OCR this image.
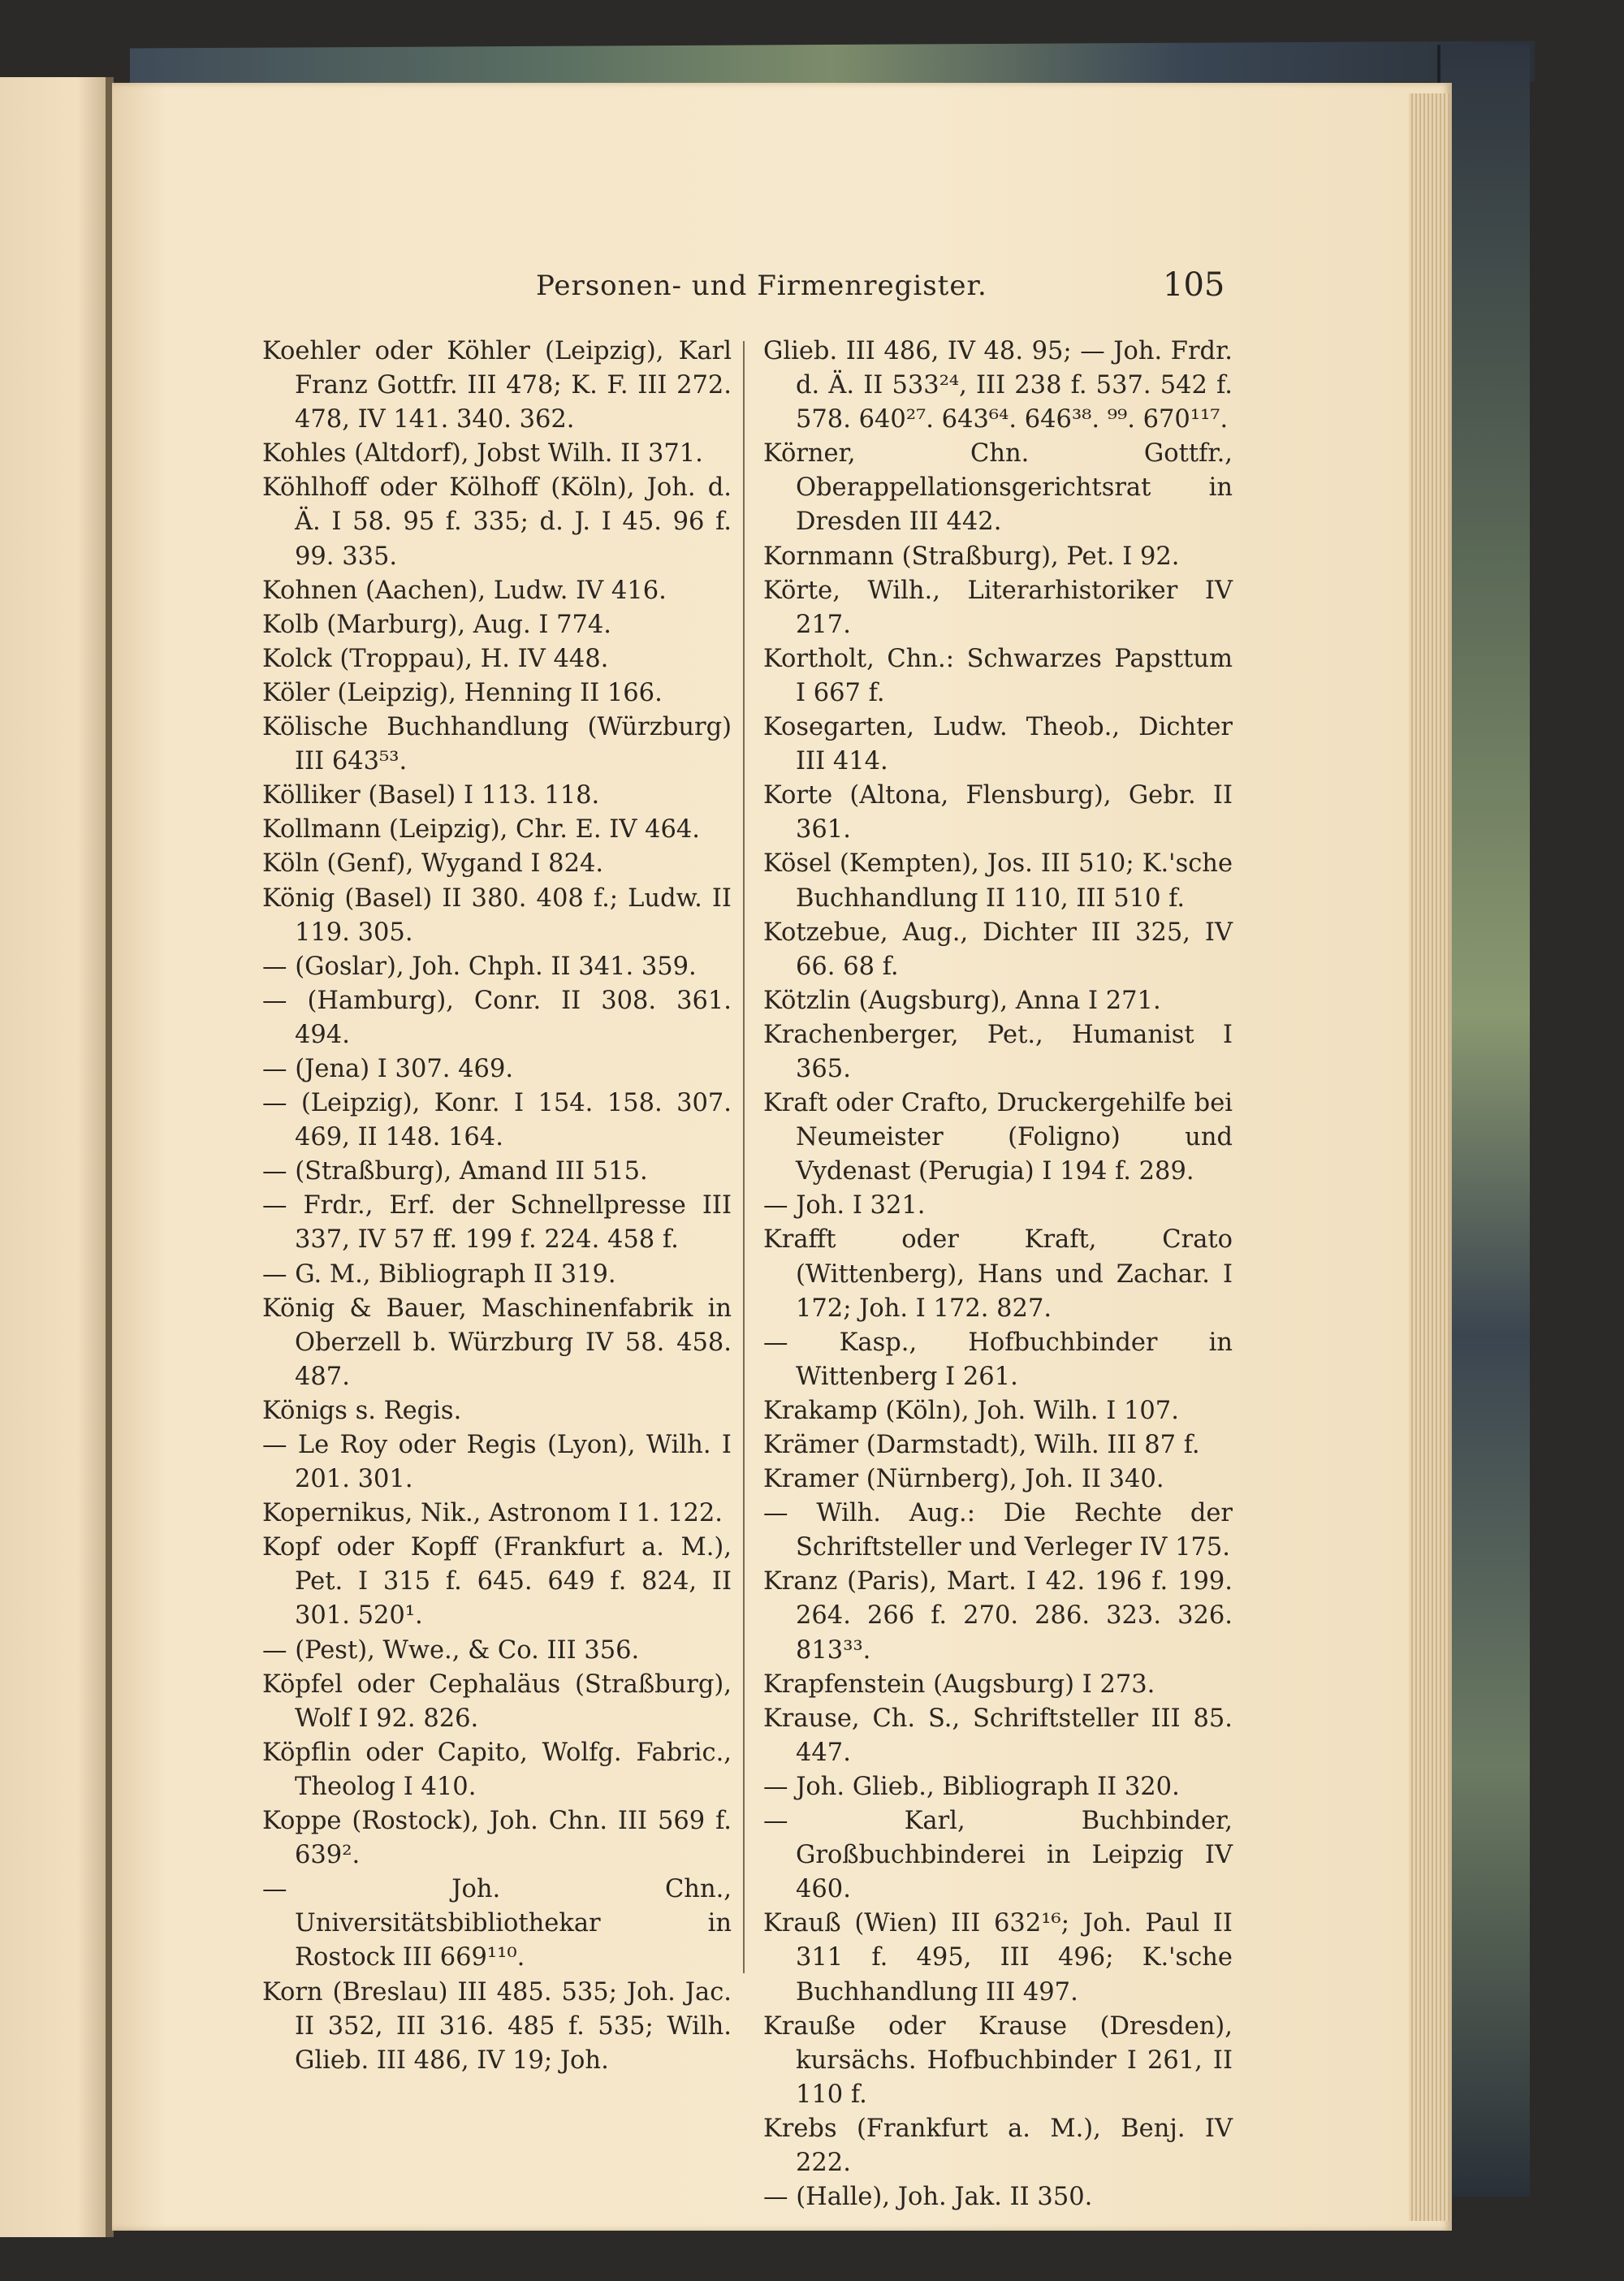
Personen- und Firmenregister.	105

Koehler oder Köhler (Leipzig), Karl Franz Gottfr. III 478; K. F. III 272. 478, IV 141. 340. 362.

Kohles (Altdorf), Jobst Wilh. II 371.

Köhlhoff oder Kölhoff (Köln), Joh. d. Ä. I 58. 95 f. 335; d. J. I 45. 96 f. 99. 335.

Kohnen (Aachen), Ludw. IV 416.

Kolb (Marburg), Aug. I 774.

Kolck (Troppau), H. IV 448.

Köler (Leipzig), Henning II 166.

Kölische Buchhandlung (Würzburg) III 643⁵³.

Kölliker (Basel) I 113. 118.

Kollmann (Leipzig), Chr. E. IV 464.

Köln (Genf), Wygand I 824.

König (Basel) II 380. 408 f.; Ludw. II 119. 305.

— (Goslar), Joh. Chph. II 341. 359.

— (Hamburg), Conr. II 308. 361. 494.

— (Jena) I 307. 469.

— (Leipzig), Konr. I 154. 158. 307. 469, II 148. 164.

— (Straßburg), Amand III 515.

— Frdr., Erf. der Schnellpresse III 337, IV 57 ff. 199 f. 224. 458 f.

— G. M., Bibliograph II 319.

König & Bauer, Maschinenfabrik in Oberzell b. Würzburg IV 58. 458. 487.

Königs s. Regis.

— Le Roy oder Regis (Lyon), Wilh. I 201. 301.

Kopernikus, Nik., Astronom I 1. 122.

Kopf oder Kopff (Frankfurt a. M.), Pet. I 315 f. 645. 649 f. 824, II 301. 520¹.

— (Pest), Wwe., & Co. III 356.

Köpfel oder Cephaläus (Straßburg), Wolf I 92. 826.

Köpflin oder Capito, Wolfg. Fabric., Theolog I 410.

Koppe (Rostock), Joh. Chn. III 569 f. 639².

— Joh. Chn., Universitätsbibliothekar in Rostock III 669¹¹⁰.

Korn (Breslau) III 485. 535; Joh. Jac. II 352, III 316. 485 f. 535; Wilh. Glieb. III 486, IV 19; Joh.

Glieb. III 486, IV 48. 95; — Joh. Frdr. d. Ä. II 533²⁴, III 238 f. 537. 542 f. 578. 640²⁷. 643⁶⁴. 646³⁸. ⁹⁹. 670¹¹⁷.

Körner, Chn. Gottfr., Oberappellationsgerichtsrat in Dresden III 442.

Kornmann (Straßburg), Pet. I 92.

Körte, Wilh., Literarhistoriker IV 217.

Kortholt, Chn.: Schwarzes Papsttum I 667 f.

Kosegarten, Ludw. Theob., Dichter III 414.

Korte (Altona, Flensburg), Gebr. II 361.

Kösel (Kempten), Jos. III 510; K.'sche Buchhandlung II 110, III 510 f.

Kotzebue, Aug., Dichter III 325, IV 66. 68 f.

Kötzlin (Augsburg), Anna I 271.

Krachenberger, Pet., Humanist I 365.

Kraft oder Crafto, Druckergehilfe bei Neumeister (Foligno) und Vydenast (Perugia) I 194 f. 289.

— Joh. I 321.

Krafft oder Kraft, Crato (Wittenberg), Hans und Zachar. I 172; Joh. I 172. 827.

— Kasp., Hofbuchbinder in Wittenberg I 261.

Krakamp (Köln), Joh. Wilh. I 107.

Krämer (Darmstadt), Wilh. III 87 f.

Kramer (Nürnberg), Joh. II 340.

— Wilh. Aug.: Die Rechte der Schriftsteller und Verleger IV 175.

Kranz (Paris), Mart. I 42. 196 f. 199. 264. 266 f. 270. 286. 323. 326. 813³³.

Krapfenstein (Augsburg) I 273.

Krause, Ch. S., Schriftsteller III 85. 447.

— Joh. Glieb., Bibliograph II 320.

— Karl, Buchbinder, Großbuchbinderei in Leipzig IV 460.

Krauß (Wien) III 632¹⁶; Joh. Paul II 311 f. 495, III 496; K.'sche Buchhandlung III 497.

Kraußе oder Krause (Dresden), kursächs. Hofbuchbinder I 261, II 110 f.

Krebs (Frankfurt a. M.), Benj. IV 222.

— (Halle), Joh. Jak. II 350.
